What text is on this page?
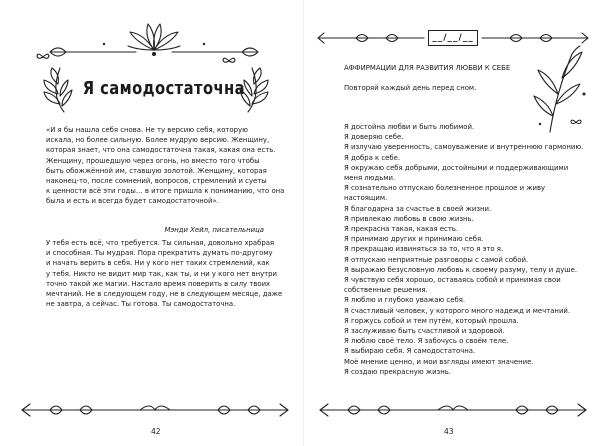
Я самодостаточна
«И я бы нашла себя снова. Не ту версию себя, которую
искала, но более сильную. Более мудрую версию. Женщину,
которая знает, что она самодостаточна такая, какая она есть.
Женщину, прошедшую через огонь, но вместо того чтобы
быть обожжённой им, ставшую золотой. Женщину, которая
наконец-то, после сомнений, вопросов, стремлений и суеты
к ценности всё эти годы… в итоге пришла к пониманию, что она
была и есть и всегда будет самодостаточной».
Мэнди Хейл, писательница
У тебя есть всё, что требуется. Ты сильная, довольно храбрая
и способная. Ты мудрая. Пора прекратить думать по-другому
и начать верить в себя. Ни у кого нет таких стремлений, как
у тебя. Никто не видит мир так, как ты, и ни у кого нет внутри
точно такой же магии. Настало время поверить в силу твоих
мечтаний. Не в следующем году, не в следующем месяце, даже
не завтра, а сейчас. Ты готова. Ты самодостаточна.
42
__/__/__
АФФИРМАЦИИ ДЛЯ РАЗВИТИЯ ЛЮБВИ К СЕБЕ
Повторяй каждый день перед сном.
Я достойна любви и быть любимой.
Я доверяю себе.
Я излучаю уверенность, самоуважение и внутреннюю гармонию.
Я добра к себе.
Я окружаю себя добрыми, достойными и поддерживающими
меня людьми.
Я сознательно отпускаю болезненное прошлое и живу
настоящим.
Я благодарна за счастье в своей жизни.
Я привлекаю любовь в свою жизнь.
Я прекрасна такая, какая есть.
Я принимаю других и принимаю себя.
Я прекращаю извиняться за то, что я это я.
Я отпускаю неприятные разговоры с самой собой.
Я выражаю безусловную любовь к своему разуму, телу и душе.
Я чувствую себя хорошо, оставаясь собой и принимая свои
собственные решения.
Я люблю и глубоко уважаю себя.
Я счастливый человек, у которого много надежд и мечтаний.
Я горжусь собой и тем путём, который прошла.
Я заслуживаю быть счастливой и здоровой.
Я люблю своё тело. Я забочусь о своём теле.
Я выбираю себя. Я самодостаточна.
Моё мнение ценно, и мои взгляды имеют значение.
Я создаю прекрасную жизнь.
43
